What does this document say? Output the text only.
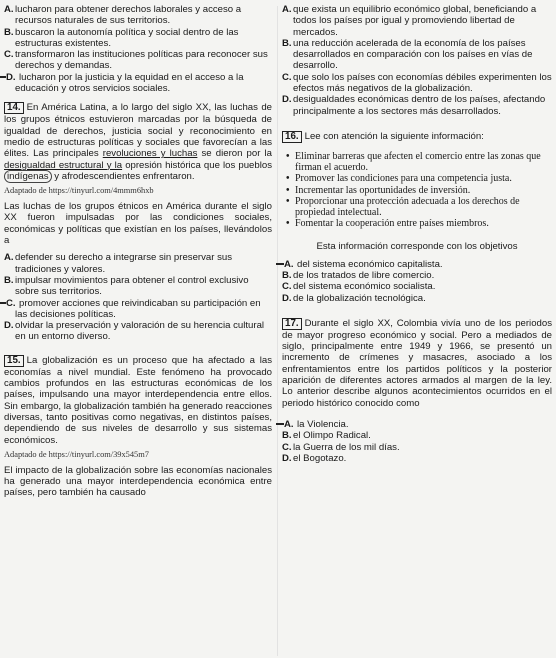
A. lucharon para obtener derechos laborales y acceso a recursos naturales de sus territorios.
B. buscaron la autonomía política y social dentro de las estructuras existentes.
C. transformaron las instituciones políticas para reconocer sus derechos y demandas.
D. lucharon por la justicia y la equidad en el acceso a la educación y otros servicios sociales.
14. En América Latina, a lo largo del siglo XX, las luchas de los grupos étnicos estuvieron marcadas por la búsqueda de igualdad de derechos, justicia social y reconocimiento en medio de estructuras políticas y sociales que favorecían a las élites. Las principales revoluciones y luchas se dieron por la desigualdad estructural y la opresión histórica que los pueblos indígenas y afrodescendientes enfrentaron.
Adaptado de https://tinyurl.com/4mmm6hxb
Las luchas de los grupos étnicos en América durante el siglo XX fueron impulsadas por las condiciones sociales, económicas y políticas que existían en los países, llevándolos a
A. defender su derecho a integrarse sin preservar sus tradiciones y valores.
B. impulsar movimientos para obtener el control exclusivo sobre sus territorios.
C. promover acciones que reivindicaban su participación en las decisiones políticas.
D. olvidar la preservación y valoración de su herencia cultural en un entorno diverso.
15. La globalización es un proceso que ha afectado a las economías a nivel mundial. Este fenómeno ha provocado cambios profundos en las estructuras económicas de los países, impulsando una mayor interdependencia entre ellos. Sin embargo, la globalización también ha generado reacciones diversas, tanto positivas como negativas, en distintos países, dependiendo de sus niveles de desarrollo y sus sistemas económicos.
Adaptado de https://tinyurl.com/39x545m7
El impacto de la globalización sobre las economías nacionales ha generado una mayor interdependencia económica entre países, pero también ha causado
A. que exista un equilibrio económico global, beneficiando a todos los países por igual y promoviendo libertad de mercados.
B. una reducción acelerada de la economía de los países desarrollados en comparación con los países en vías de desarrollo.
C. que solo los países con economías débiles experimenten los efectos más negativos de la globalización.
D. desigualdades económicas dentro de los países, afectando principalmente a los sectores más desarrollados.
16. Lee con atención la siguiente información:
• Eliminar barreras que afecten el comercio entre las zonas que firman el acuerdo.
• Promover las condiciones para una competencia justa.
• Incrementar las oportunidades de inversión.
• Proporcionar una protección adecuada a los derechos de propiedad intelectual.
• Fomentar la cooperación entre países miembros.
Esta información corresponde con los objetivos
A. del sistema económico capitalista.
B. de los tratados de libre comercio.
C. del sistema económico socialista.
D. de la globalización tecnológica.
17. Durante el siglo XX, Colombia vivía uno de los periodos de mayor progreso económico y social. Pero a mediados de siglo, principalmente entre 1949 y 1966, se presentó un incremento de crímenes y masacres, asociado a los enfrentamientos entre los partidos políticos y la posterior aparición de diferentes actores armados al margen de la ley. Lo anterior describe algunos acontecimientos ocurridos en el periodo histórico conocido como
A. la Violencia.
B. el Olimpo Radical.
C. la Guerra de los mil días.
D. el Bogotazo.
